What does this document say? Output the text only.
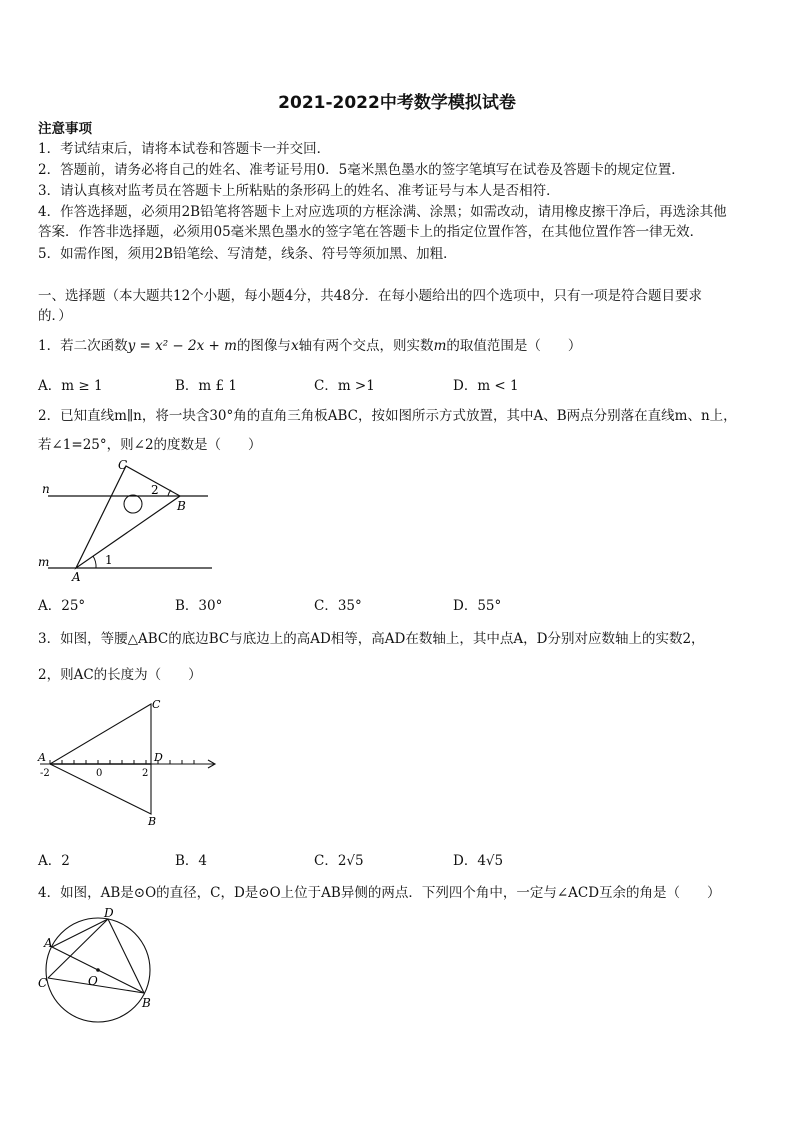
2021-2022中考数学模拟试卷
注意事项
1．考试结束后，请将本试卷和答题卡一并交回．
2．答题前，请务必将自己的姓名、准考证号用0．5毫米黑色墨水的签字笔填写在试卷及答题卡的规定位置．
3．请认真核对监考员在答题卡上所粘贴的条形码上的姓名、准考证号与本人是否相符．
4．作答选择题，必须用2B铅笔将答题卡上对应选项的方框涂满、涂黑；如需改动，请用橡皮擦干净后，再选涂其他
答案．作答非选择题，必须用05毫米黑色墨水的签字笔在答题卡上的指定位置作答，在其他位置作答一律无效．
5．如需作图，须用2B铅笔绘、写清楚，线条、符号等须加黑、加粗．
一、选择题（本大题共12个小题，每小题4分，共48分．在每小题给出的四个选项中，只有一项是符合题目要求
的．）
1．若二次函数y = x² − 2x + m的图像与x轴有两个交点，则实数m的取值范围是（　　）
A．m ≥ 1	B．m £ 1	C．m >1	D．m < 1
2．已知直线m∥n，将一块含30°角的直角三角板ABC，按如图所示方式放置，其中A、B两点分别落在直线m、n上，
若∠1=25°，则∠2的度数是（　　）
C
n	2
B
m	1
A
A．25°	B．30°	C．35°	D．55°
3．如图，等腰△ABC的底边BC与底边上的高AD相等，高AD在数轴上，其中点A，D分别对应数轴上的实数2，
2，则AC的长度为（　　）
C
A	D
-2	0	2
B
A．2	B．4	C．2√5	D．4√5
4．如图，AB是⊙O的直径，C，D是⊙O上位于AB异侧的两点．下列四个角中，一定与∠ACD互余的角是（　　）
D
A
C	O
B
